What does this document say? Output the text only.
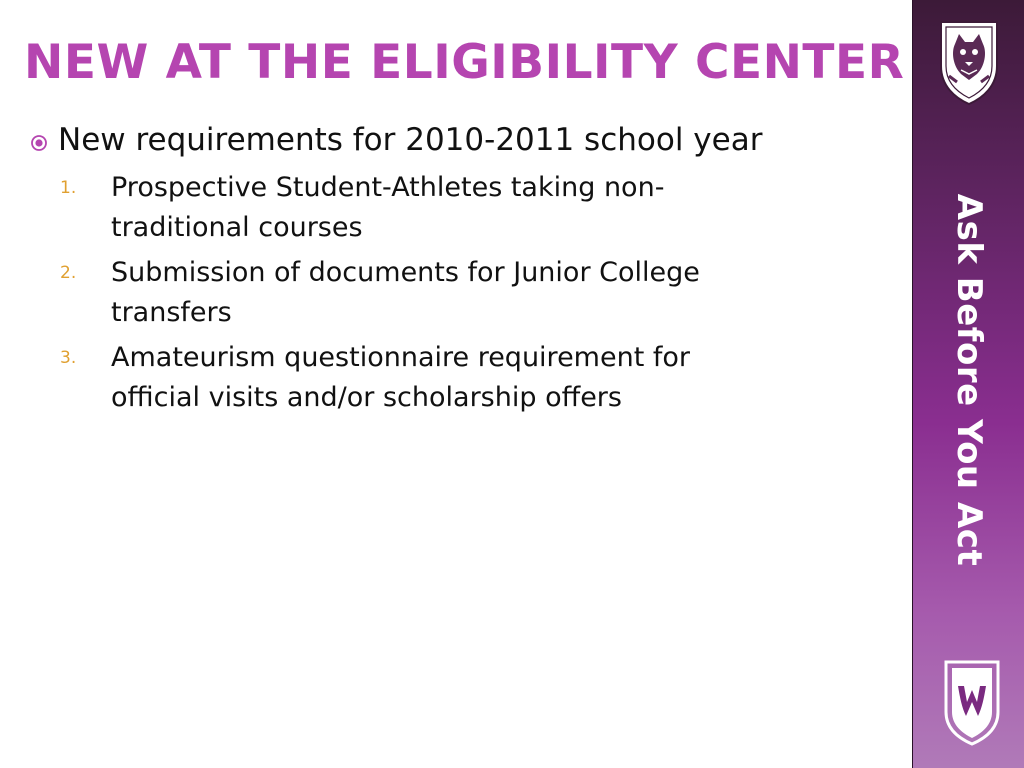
NEW AT THE ELIGIBILITY CENTER
New requirements for 2010-2011 school year
1. Prospective Student-Athletes taking non-traditional courses
2. Submission of documents for Junior College transfers
3. Amateurism questionnaire requirement for official visits and/or scholarship offers	Ask Before You Act
